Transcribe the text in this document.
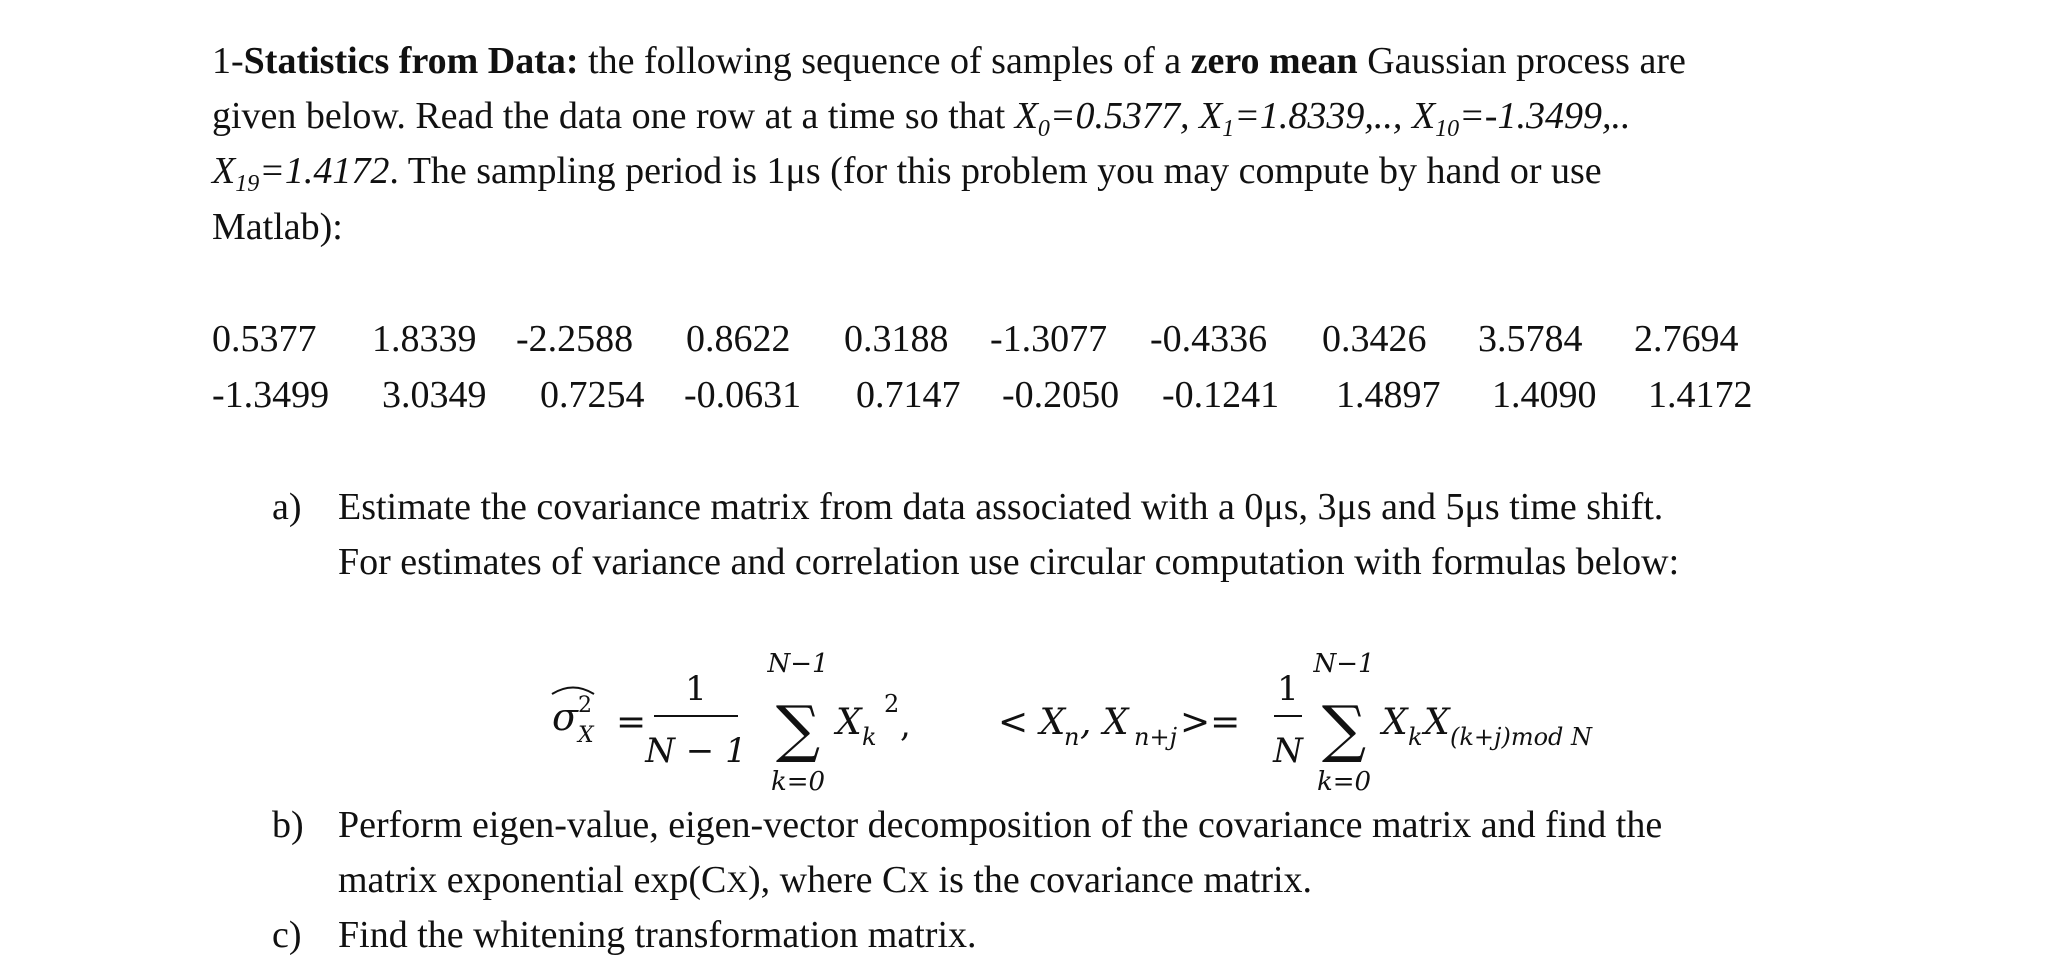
1-Statistics from Data: the following sequence of samples of a zero mean Gaussian process are
given below. Read the data one row at a time so that $X_0=0.5377$, $X_1=1.8339$,.., $X_{10}=-1.3499$,..
$X_{19}=1.4172$. The sampling period is 1μs (for this problem you may compute by hand or use
Matlab):
0.5377 1.8339 -2.2588 0.8622 0.3188 -1.3077 -0.4336 0.3426 3.5784 2.7694
-1.3499 3.0349 0.7254 -0.0631 0.7147 -0.2050 -0.1241 1.4897 1.4090 1.4172
a) Estimate the covariance matrix from data associated with a 0μs, 3μs and 5μs time shift.
For estimates of variance and correlation use circular computation with formulas below:
σ 2
X =
1
N − 1
N−1
∑
k=0
X k
2
, < X
n , X n+j >=
1
N
N−1
∑
k=0
X k X (k+j)mod N
b) Perform eigen-value, eigen-vector decomposition of the covariance matrix and find the
matrix exponential exp(CX), where CX is the covariance matrix.
c) Find the whitening transformation matrix.
